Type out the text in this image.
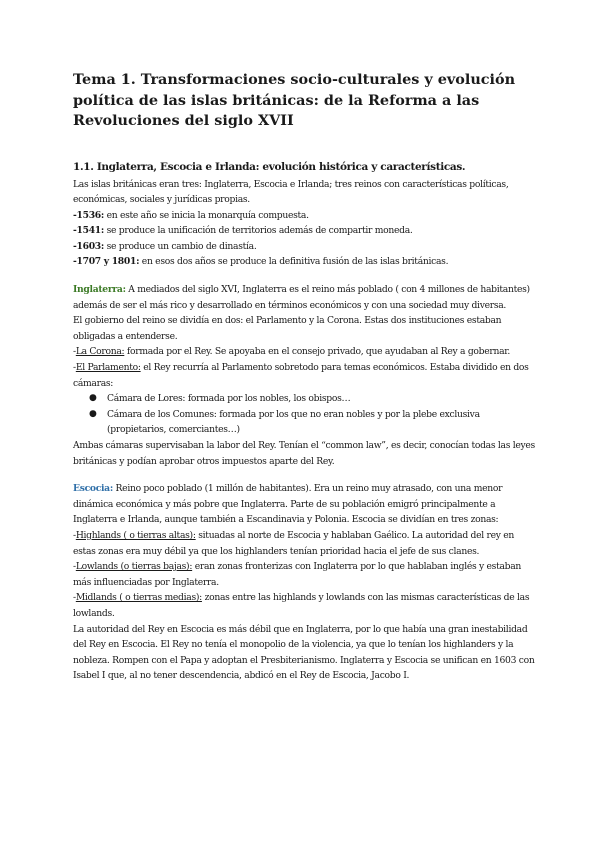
Tema 1. Transformaciones socio-culturales y evolución política de las islas británicas: de la Reforma a las Revoluciones del siglo XVII
1.1. Inglaterra, Escocia e Irlanda: evolución histórica y características.

Las islas británicas eran tres: Inglaterra, Escocia e Irlanda; tres reinos con características políticas, económicas, sociales y jurídicas propias.

-1536: en este año se inicia la monarquía compuesta.

-1541: se produce la unificación de territorios además de compartir moneda.

-1603: se produce un cambio de dinastía.

-1707 y 1801: en esos dos años se produce la definitiva fusión de las islas británicas.

Inglaterra: A mediados del siglo XVI, Inglaterra es el reino más poblado ( con 4 millones de habitantes) además de ser el más rico y desarrollado en términos económicos y con una sociedad muy diversa.

El gobierno del reino se dividía en dos: el Parlamento y la Corona. Estas dos instituciones estaban obligadas a entenderse.

-La Corona: formada por el Rey. Se apoyaba en el consejo privado, que ayudaban al Rey a gobernar.

-El Parlamento: el Rey recurría al Parlamento sobretodo para temas económicos. Estaba dividido en dos cámaras:

● Cámara de Lores: formada por los nobles, los obispos…
● Cámara de los Comunes: formada por los que no eran nobles y por la plebe exclusiva (propietarios, comerciantes…)

Ambas cámaras supervisaban la labor del Rey. Tenían el “common law”, es decir, conocían todas las leyes británicas y podían aprobar otros impuestos aparte del Rey.

Escocia: Reino poco poblado (1 millón de habitantes). Era un reino muy atrasado, con una menor dinámica económica y más pobre que Inglaterra. Parte de su población emigró principalmente a Inglaterra e Irlanda, aunque también a Escandinavia y Polonia. Escocia se dividían en tres zonas:

-Highlands ( o tierras altas): situadas al norte de Escocia y hablaban Gaélico. La autoridad del rey en estas zonas era muy débil ya que los highlanders tenían prioridad hacia el jefe de sus clanes.

-Lowlands (o tierras bajas): eran zonas fronterizas con Inglaterra por lo que hablaban inglés y estaban más influenciadas por Inglaterra.

-Midlands ( o tierras medias): zonas entre las highlands y lowlands con las mismas características de las lowlands.

La autoridad del Rey en Escocia es más débil que en Inglaterra, por lo que había una gran inestabilidad del Rey en Escocia. El Rey no tenía el monopolio de la violencia, ya que lo tenían los highlanders y la nobleza. Rompen con el Papa y adoptan el Presbiterianismo. Inglaterra y Escocia se unifican en 1603 con Isabel I que, al no tener descendencia, abdicó en el Rey de Escocia, Jacobo I.
